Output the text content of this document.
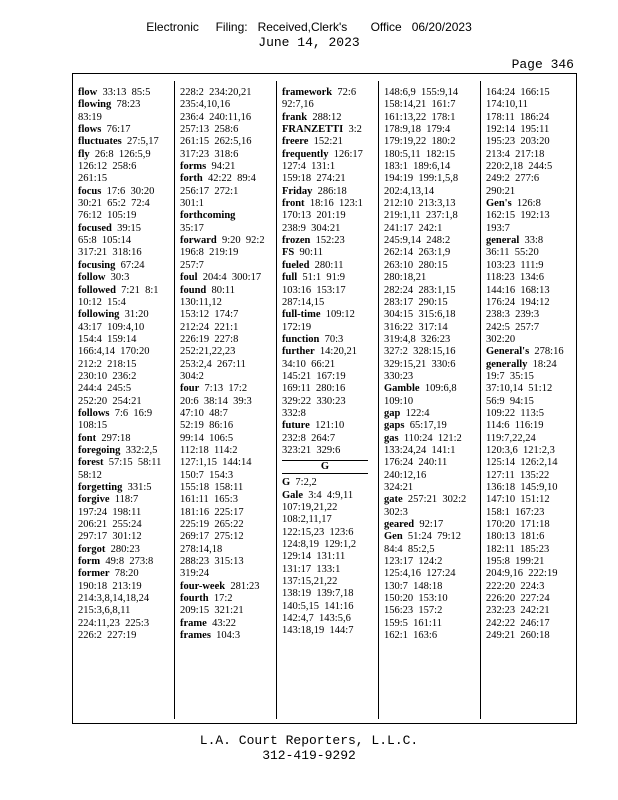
Electronic     Filing:   Received,Clerk's       Office   06/20/2023
June 14, 2023
Page 346
flow 33:13  85:5
flowing 78:23
83:19
flows 76:17
fluctuates 27:5,17
fly 26:8  126:5,9
126:12  258:6
261:15
focus 17:6  30:20
30:21  65:2  72:4
76:12  105:19
focused 39:15
65:8  105:14
317:21  318:16
focusing 67:24
follow 30:3
followed 7:21  8:1
10:12  15:4
following 31:20
43:17  109:4,10
154:4  159:14
166:4,14  170:20
212:2  218:15
230:10  236:2
244:4  245:5
252:20  254:21
follows 7:6  16:9
108:15
font 297:18
foregoing 332:2,5
forest 57:15  58:11
58:12
forgetting 331:5
forgive 118:7
197:24  198:11
206:21  255:24
297:17  301:12
forgot 280:23
form 49:8  273:8
former 78:20
190:18  213:19
214:3,8,14,18,24
215:3,6,8,11
224:11,23  225:3
226:2  227:19
228:2  234:20,21
235:4,10,16
236:4  240:11,16
257:13  258:6
261:15  262:5,16
317:23  318:6
forms 94:21
forth 42:22  89:4
256:17  272:1
301:1
forthcoming
35:17
forward 9:20  92:2
196:8  219:19
257:7
foul 204:4  300:17
found 80:11
130:11,12
153:12  174:7
212:24  221:1
226:19  227:8
252:21,22,23
253:2,4  267:11
304:2
four 7:13  17:2
20:6  38:14  39:3
47:10  48:7
52:19  86:16
99:14  106:5
112:18  114:2
127:1,15  144:14
150:7  154:3
155:18  158:11
161:11  165:3
181:16  225:17
225:19  265:22
269:17  275:12
278:14,18
288:23  315:13
319:24
four-week 281:23
fourth 17:2
209:15  321:21
frame 43:22
frames 104:3
framework 72:6
92:7,16
frank 288:12
FRANZETTI 3:2
freere 152:21
frequently 126:17
127:4  131:1
159:18  274:21
Friday 286:18
front 18:16  123:1
170:13  201:19
238:9  304:21
frozen 152:23
FS 90:11
fueled 280:11
full 51:1  91:9
103:16  153:17
287:14,15
full-time 109:12
172:19
function 70:3
further 14:20,21
34:10  66:21
145:21  167:19
169:11  280:16
329:22  330:23
332:8
future 121:10
232:8  264:7
323:21  329:6
G
G 7:2,2
Gale 3:4  4:9,11
107:19,21,22
108:2,11,17
122:15,23  123:6
124:8,19  129:1,2
129:14  131:11
131:17  133:1
137:15,21,22
138:19  139:7,18
140:5,15  141:16
142:4,7  143:5,6
143:18,19  144:7
148:6,9  155:9,14
158:14,21  161:7
161:13,22  178:1
178:9,18  179:4
179:19,22  180:2
180:5,11  182:15
183:1  189:6,14
194:19  199:1,5,8
202:4,13,14
212:10  213:3,13
219:1,11  237:1,8
241:17  242:1
245:9,14  248:2
262:14  263:1,9
263:10  280:15
280:18,21
282:24  283:1,15
283:17  290:15
304:15  315:6,18
316:22  317:14
319:4,8  326:23
327:2  328:15,16
329:15,21  330:6
330:23
Gamble 109:6,8
109:10
gap 122:4
gaps 65:17,19
gas 110:24  121:2
133:24,24  141:1
176:24  240:11
240:12,16
324:21
gate 257:21  302:2
302:3
geared 92:17
Gen 51:24  79:12
84:4  85:2,5
123:17  124:2
125:4,16  127:24
130:7  148:18
150:20  153:10
156:23  157:2
159:5  161:11
162:1  163:6
164:24  166:15
174:10,11
178:11  186:24
192:14  195:11
195:23  203:20
213:4  217:18
220:2,18  244:5
249:2  277:6
290:21
Gen's 126:8
162:15  192:13
193:7
general 33:8
36:11  55:20
103:23  111:9
118:23  134:6
144:16  168:13
176:24  194:12
238:3  239:3
242:5  257:7
302:20
General's 278:16
generally 18:24
19:7  35:15
37:10,14  51:12
56:9  94:15
109:22  113:5
114:6  116:19
119:7,22,24
120:3,6  121:2,3
125:14  126:2,14
127:11  135:22
136:18  145:9,10
147:10  151:12
158:1  167:23
170:20  171:18
180:13  181:6
182:11  185:23
195:8  199:21
204:9,16  222:19
222:20  224:3
226:20  227:24
232:23  242:21
242:22  246:17
249:21  260:18
L.A. Court Reporters, L.L.C.
312-419-9292
